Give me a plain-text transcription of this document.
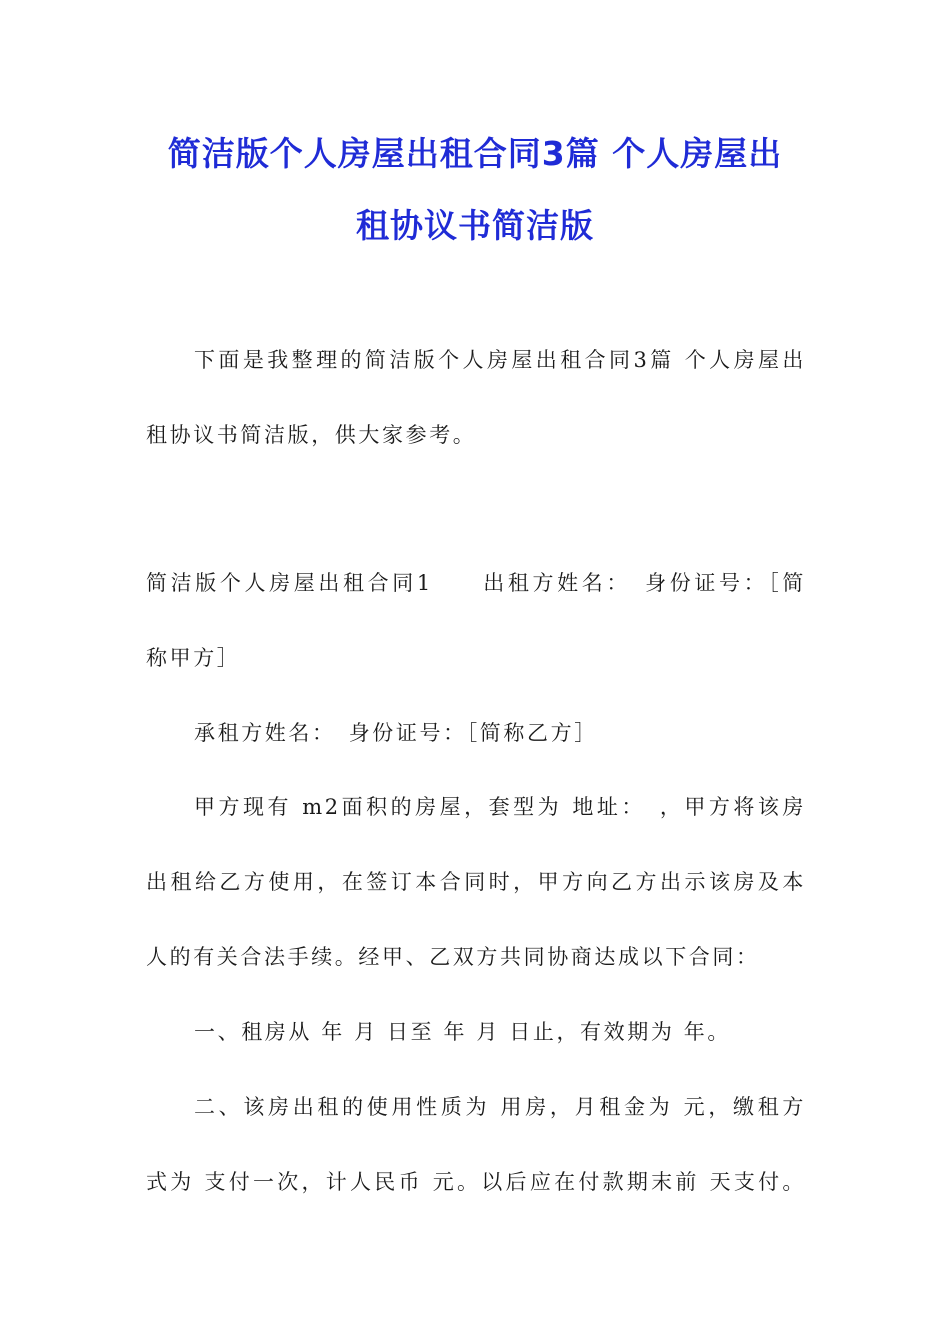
简洁版个人房屋出租合同3篇 个人房屋出
租协议书简洁版
下面是我整理的简洁版个人房屋出租合同3篇 个人房屋出
租协议书简洁版，供大家参考。
简洁版个人房屋出租合同1　　出租方姓名：　身份证号：［简
称甲方］
承租方姓名：　身份证号：［简称乙方］
甲方现有 m2面积的房屋，套型为 地址：　，甲方将该房
出租给乙方使用，在签订本合同时，甲方向乙方出示该房及本
人的有关合法手续。经甲、乙双方共同协商达成以下合同：
一、租房从 年 月 日至 年 月 日止，有效期为 年。
二、该房出租的使用性质为 用房，月租金为 元，缴租方
式为 支付一次，计人民币 元。以后应在付款期末前 天支付。
